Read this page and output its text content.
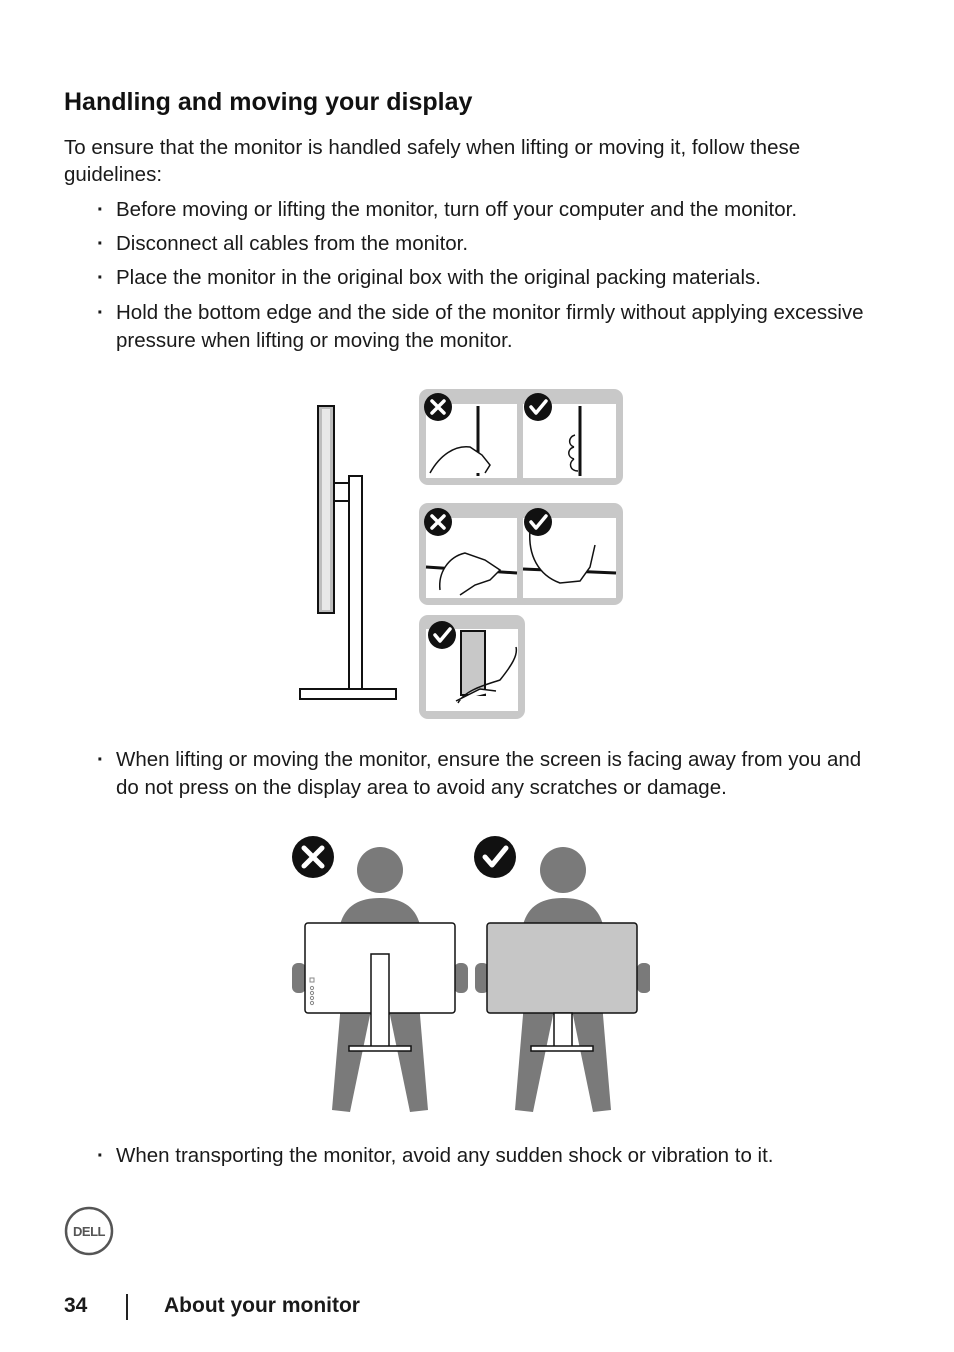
Handling and moving your display

To ensure that the monitor is handled safely when lifting or moving it, follow these guidelines:

· Before moving or lifting the monitor, turn off your computer and the monitor.

· Disconnect all cables from the monitor.

· Place the monitor in the original box with the original packing materials.

· Hold the bottom edge and the side of the monitor firmly without applying excessive pressure when lifting or moving the monitor.

· When lifting or moving the monitor, ensure the screen is facing away from you and do not press on the display area to avoid any scratches or damage.

· When transporting the monitor, avoid any sudden shock or vibration to it.

DELL
34	About your monitor
